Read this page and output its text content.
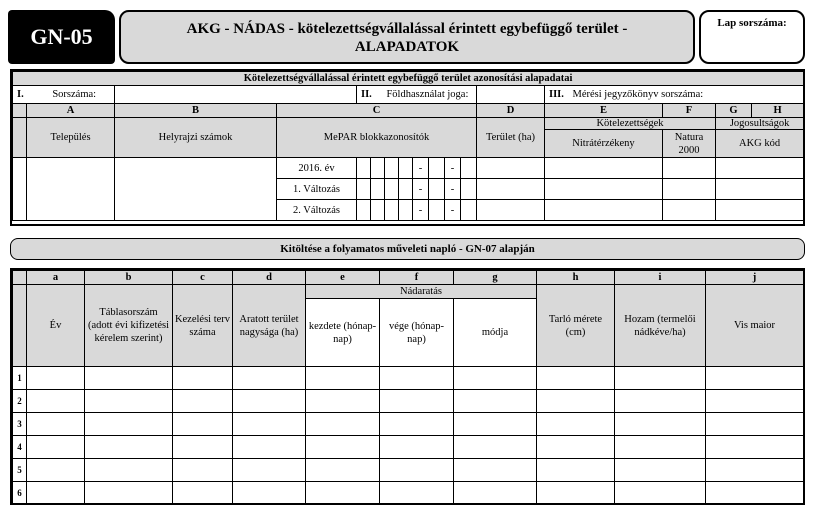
GN-05	AKG - NÁDAS - kötelezettségvállalással érintett egybefüggő terület -
ALAPADATOK
Lap sorszáma:
Kötelezettségvállalással érintett egybefüggő terület azonosítási alapadatai																
I. Sorszáma:				II. Földhasználat joga:									III. Mérési jegyzőkönyv sorszáma:			
	A	B	C									D	E	F	G	H
	Település	Helyrajzi számok	MePAR blokkazonosítók									Terület (ha)	Kötelezettségek		Jogosultságok	
													Nitrátérzékeny	Natura 2000	AKG kód	
			2016. év					-		-						
			1. Változás					-		-						
			2. Változás					-		-						
Kitöltése a folyamatos műveleti napló - GN-07 alapján
	a	b	c	d	e	f	g	h	i	j
	Év	Táblasorszám (adott évi kifizetési kérelem szerint)	Kezelési terv száma	Aratott terület nagysága (ha)	Nádaratás			Tarló mérete (cm)	Hozam (termelői nádkéve/ha)	Vis maior
					kezdete (hónap-nap)	vége (hónap- nap)	módja			
1										
2										
3										
4										
5										
6										
